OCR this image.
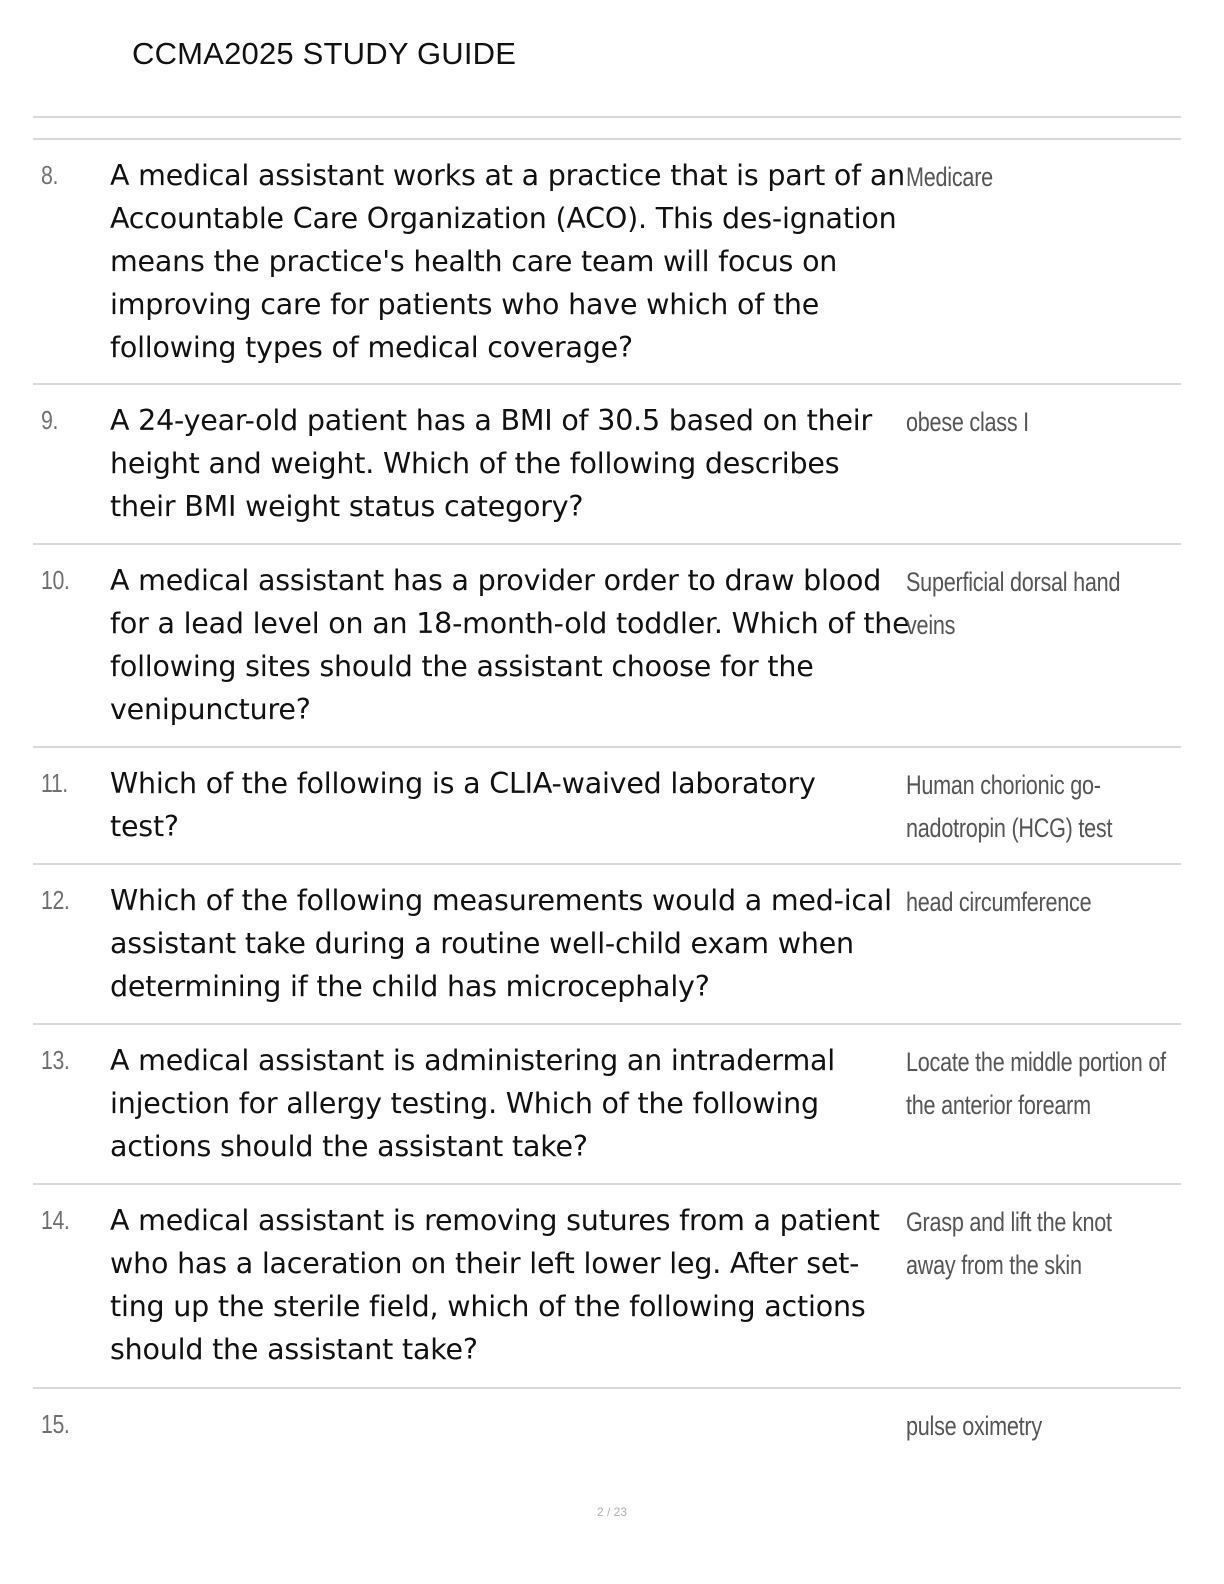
CCMA2025 STUDY GUIDE
8. A medical assistant works at a practice that is part of an Accountable Care Organization (ACO). This des-ignation means the practice's health care team will focus on improving care for patients who have which of the following types of medical coverage?
Medicare
9. A 24-year-old patient has a BMI of 30.5 based on their height and weight. Which of the following describes their BMI weight status category?
obese class I
10. A medical assistant has a provider order to draw blood for a lead level on an 18-month-old toddler. Which of the following sites should the assistant choose for the venipuncture?
Superficial dorsal hand veins
11. Which of the following is a CLIA-waived laboratory test?
Human chorionic go-nadotropin (HCG) test
12. Which of the following measurements would a med-ical assistant take during a routine well-child exam when determining if the child has microcephaly?
head circumference
13. A medical assistant is administering an intradermal injection for allergy testing. Which of the following actions should the assistant take?
Locate the middle portion of the anterior forearm
14. A medical assistant is removing sutures from a patient who has a laceration on their left lower leg. After set-ting up the sterile field, which of the following actions should the assistant take?
Grasp and lift the knot away from the skin
15.	pulse oximetry
2 / 23
